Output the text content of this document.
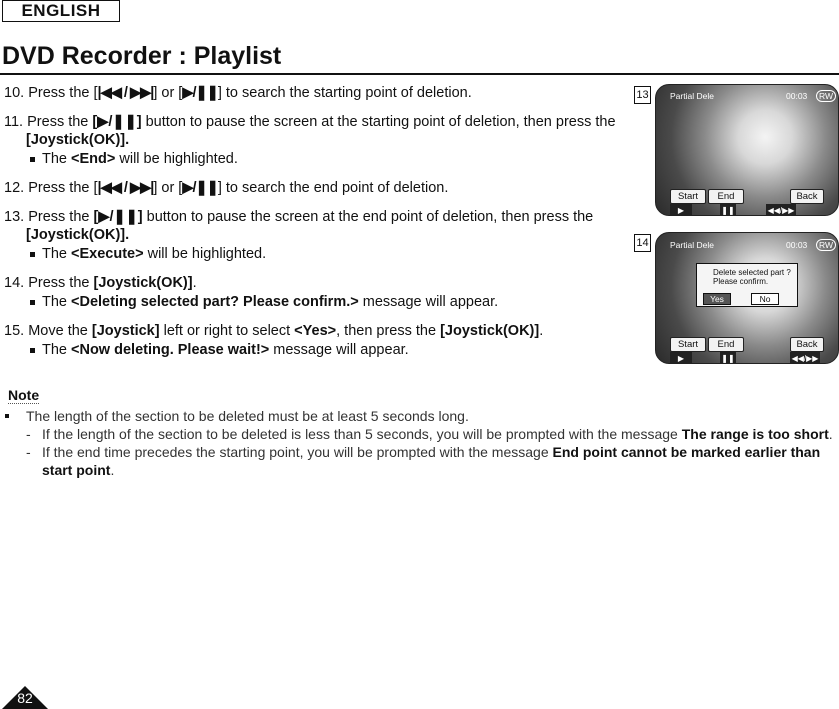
ENGLISH
DVD Recorder : Playlist
10. Press the [|◀◀ / ▶▶|] or [▶/❚❚] to search the starting point of deletion.
11. Press the [▶/❚❚] button to pause the screen at the starting point of deletion, then press the
[Joystick(OK)].
The <End> will be highlighted.
12. Press the [|◀◀ / ▶▶|] or [▶/❚❚] to search the end point of deletion.
13. Press the [▶/❚❚] button to pause the screen at the end point of deletion, then press the
[Joystick(OK)].
The <Execute> will be highlighted.
14. Press the [Joystick(OK)].
The <Deleting selected part? Please confirm.> message will appear.
15. Move the [Joystick] left or right to select <Yes>, then press the [Joystick(OK)].
The <Now deleting. Please wait!> message will appear.
13	Partial Dele	00:03	RW
Start	End	Back
▶	❚❚	◀◀/▶▶
14	Partial Dele	00:03	RW
Delete selected part ?
Please confirm.
Yes	No
Start	End	Back
▶	❚❚	◀◀/▶▶
Note
The length of the section to be deleted must be at least 5 seconds long.
- If the length of the section to be deleted is less than 5 seconds, you will be prompted with the message The range is too short.
- If the end time precedes the starting point, you will be prompted with the message End point cannot be marked earlier than start point.
82
